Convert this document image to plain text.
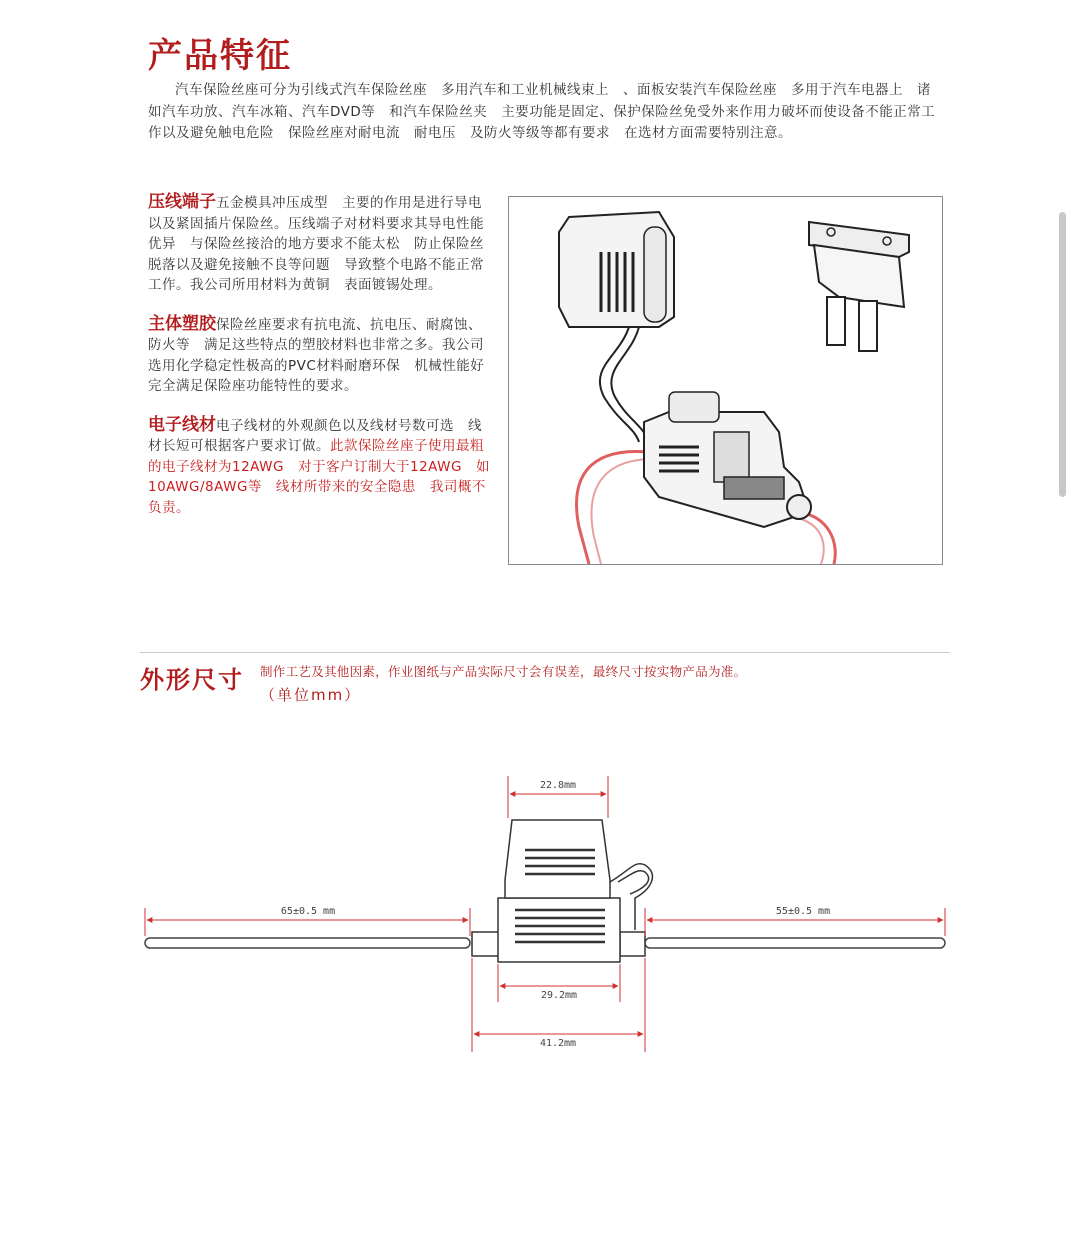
产品特征

汽车保险丝座可分为引线式汽车保险丝座　多用汽车和工业机械线束上　、面板安装汽车保险丝座　多用于汽车电器上　诸如汽车功放、汽车冰箱、汽车DVD等　和汽车保险丝夹　主要功能是固定、保护保险丝免受外来作用力破坏而使设备不能正常工作以及避免触电危险　保险丝座对耐电流　耐电压　及防火等级等都有要求　在选材方面需要特别注意。

压线端子五金模具冲压成型　主要的作用是进行导电以及紧固插片保险丝。压线端子对材料要求其导电性能优异　与保险丝接洽的地方要求不能太松　防止保险丝脱落以及避免接触不良等问题　导致整个电路不能正常工作。我公司所用材料为黄铜　表面镀锡处理。
主体塑胶保险丝座要求有抗电流、抗电压、耐腐蚀、防火等　满足这些特点的塑胶材料也非常之多。我公司选用化学稳定性极高的PVC材料耐磨环保　机械性能好　完全满足保险座功能特性的要求。
电子线材电子线材的外观颜色以及线材号数可选　线材长短可根据客户要求订做。此款保险丝座子使用最粗的电子线材为12AWG　对于客户订制大于12AWG　如10AWG/8AWG等　线材所带来的安全隐患　我司概不负责。
外形尺寸 制作工艺及其他因素，作业图纸与产品实际尺寸会有误差，最终尺寸按实物产品为准。
（单位mm）
22.8mm
65±0.5 mm	55±0.5 mm
29.2mm
41.2mm
